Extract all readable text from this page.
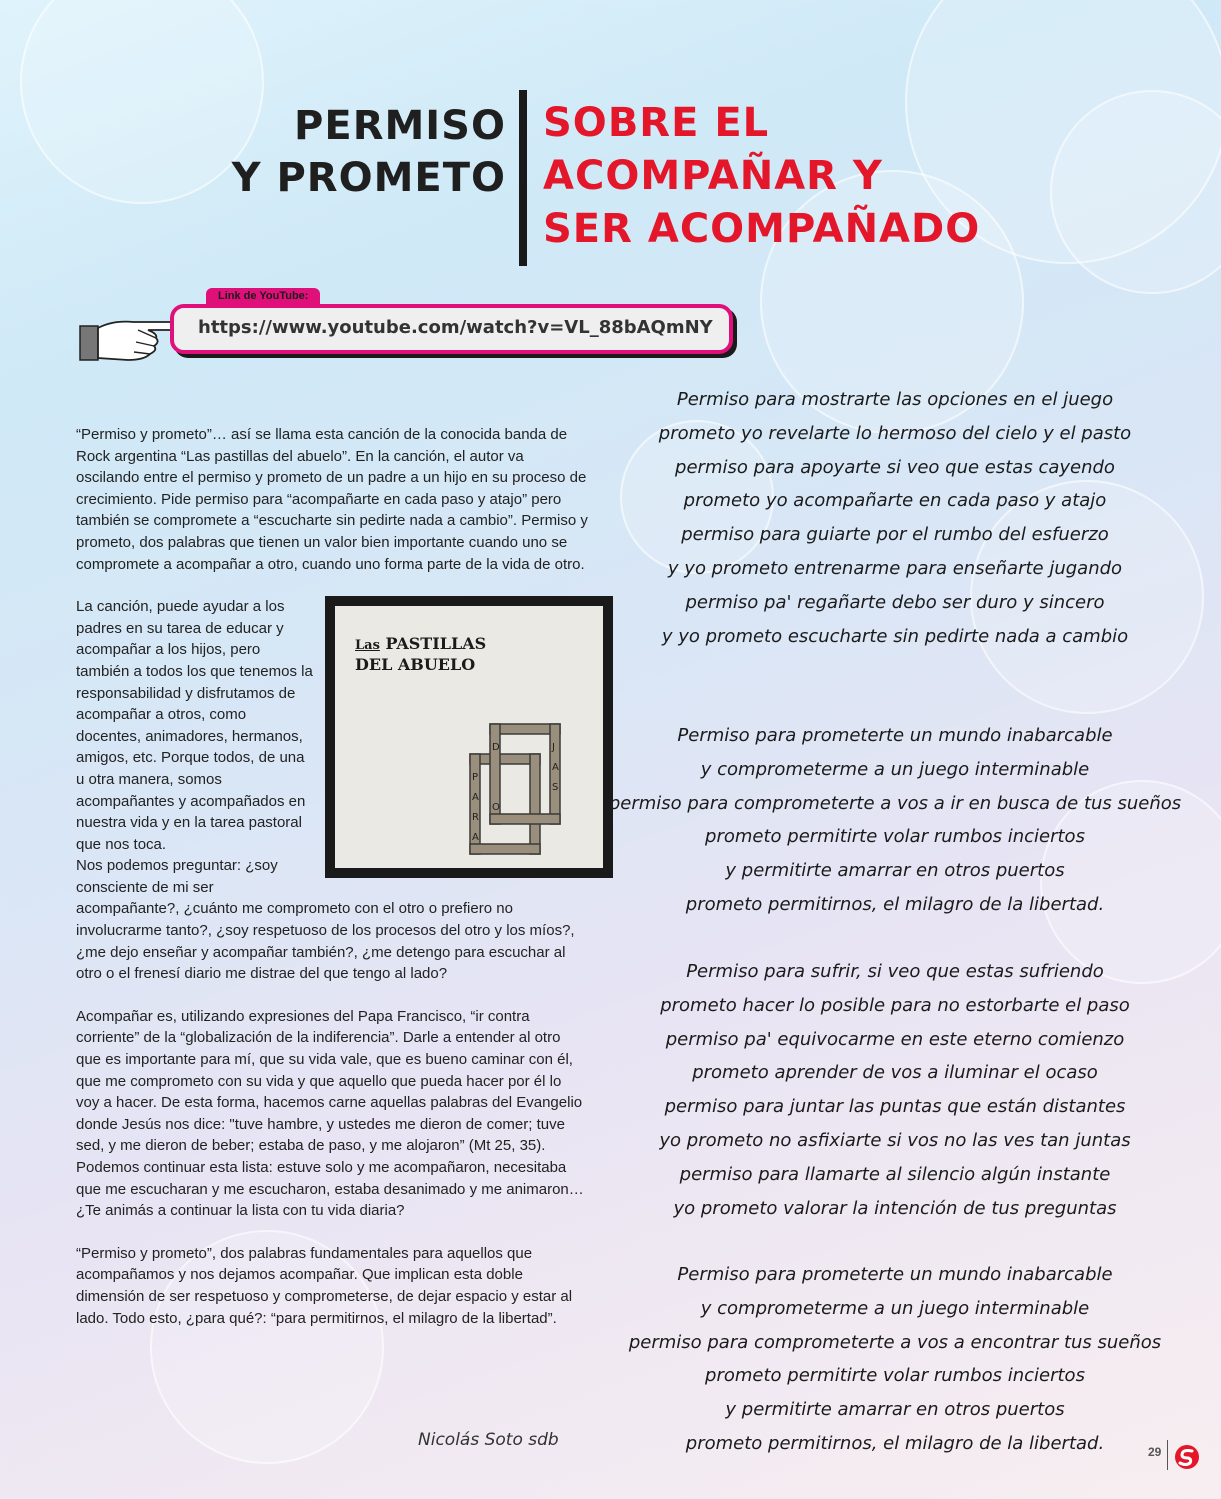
PERMISO
Y PROMETO
SOBRE EL
ACOMPAÑAR Y
SER ACOMPAÑADO
Link de YouTube:
https://www.youtube.com/watch?v=VL_88bAQmNY

“Permiso y prometo”… así se llama esta canción de la conocida banda de Rock argentina “Las pastillas del abuelo”. En la canción, el autor va oscilando entre el permiso y prometo de un padre a un hijo en su proceso de crecimiento. Pide permiso para “acompañarte en cada paso y atajo” pero también se compromete a “escucharte sin pedirte nada a cambio”. Permiso y prometo, dos palabras que tienen un valor bien importante cuando uno se compromete a acompañar a otro, cuando uno forma parte de la vida de otro.

Las PASTILLAS
DEL ABUELO
P
A
R
A
D
O
J
A
S
La canción, puede ayudar a los padres en su tarea de educar y acompañar a los hijos, pero también a todos los que tenemos la responsabilidad y disfrutamos de acompañar a otros, como docentes, animadores, hermanos, amigos, etc. Porque todos, de una u otra manera, somos acompañantes y acompañados en nuestra vida y en la tarea pastoral que nos toca.
Nos podemos preguntar: ¿soy consciente de mi ser acompañante?, ¿cuánto me comprometo con el otro o prefiero no involucrarme tanto?, ¿soy respetuoso de los procesos del otro y los míos?, ¿me dejo enseñar y acompañar también?, ¿me detengo para escuchar al otro o el frenesí diario me distrae del que tengo al lado?

Acompañar es, utilizando expresiones del Papa Francisco, “ir contra corriente” de la “globalización de la indiferencia”. Darle a entender al otro que es importante para mí, que su vida vale, que es bueno caminar con él, que me comprometo con su vida y que aquello que pueda hacer por él lo voy a hacer. De esta forma, hacemos carne aquellas palabras del Evangelio donde Jesús nos dice: "tuve hambre, y ustedes me dieron de comer; tuve sed, y me dieron de beber; estaba de paso, y me alojaron” (Mt 25, 35). Podemos continuar esta lista: estuve solo y me acompañaron, necesitaba que me escucharan y me escucharon, estaba desanimado y me animaron… ¿Te animás a continuar la lista con tu vida diaria?

“Permiso y prometo”, dos palabras fundamentales para aquellos que acompañamos y nos dejamos acompañar. Que implican esta doble dimensión de ser respetuoso y comprometerse, de dejar espacio y estar al lado. Todo esto, ¿para qué?: “para permitirnos, el milagro de la libertad”.

Nicolás Soto sdb
Permiso para mostrarte las opciones en el juego
prometo yo revelarte lo hermoso del cielo y el pasto
permiso para apoyarte si veo que estas cayendo
prometo yo acompañarte en cada paso y atajo
permiso para guiarte por el rumbo del esfuerzo
y yo prometo entrenarme para enseñarte jugando
permiso pa' regañarte debo ser duro y sincero
y yo prometo escucharte sin pedirte nada a cambio
Permiso para prometerte un mundo inabarcable
y comprometerme a un juego interminable
permiso para comprometerte a vos a ir en busca de tus sueños
prometo permitirte volar rumbos inciertos
y permitirte amarrar en otros puertos
prometo permitirnos, el milagro de la libertad.
Permiso para sufrir, si veo que estas sufriendo
prometo hacer lo posible para no estorbarte el paso
permiso pa' equivocarme en este eterno comienzo
prometo aprender de vos a iluminar el ocaso
permiso para juntar las puntas que están distantes
yo prometo no asfixiarte si vos no las ves tan juntas
permiso para llamarte al silencio algún instante
yo prometo valorar la intención de tus preguntas
Permiso para prometerte un mundo inabarcable
y comprometerme a un juego interminable
permiso para comprometerte a vos a encontrar tus sueños
prometo permitirte volar rumbos inciertos
y permitirte amarrar en otros puertos
prometo permitirnos, el milagro de la libertad.	29
